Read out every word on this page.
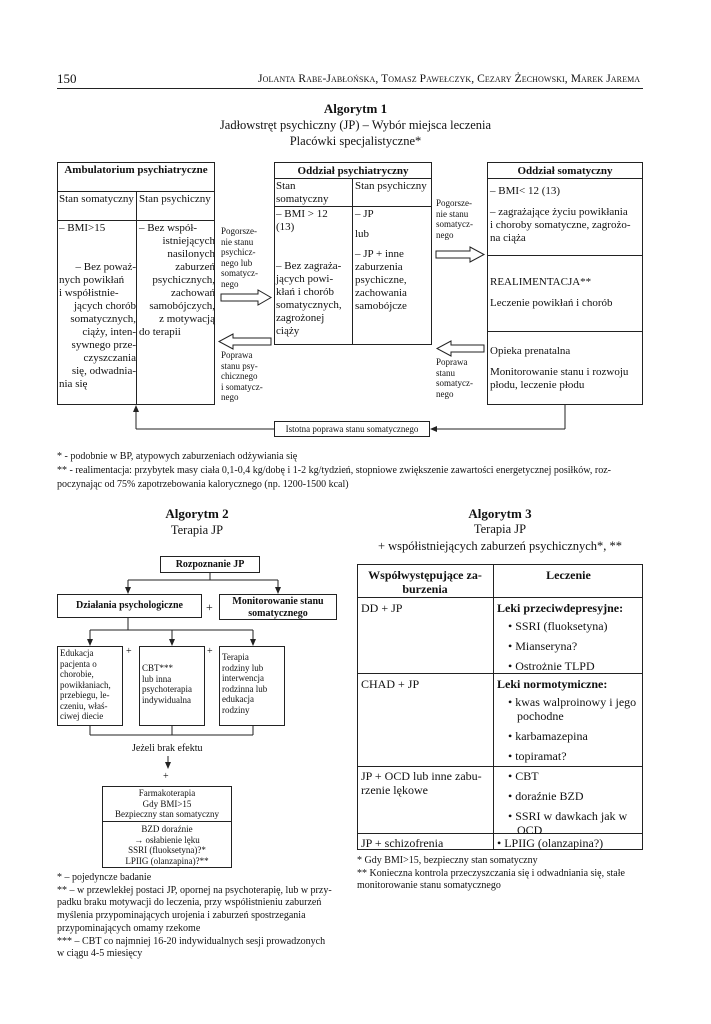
150	Jolanta Rabe-Jabłońska, Tomasz Pawełczyk, Cezary Żechowski, Marek Jarema
Algorytm 1
Jadłowstręt psychiczny (JP) – Wybór miejsca leczenia
Placówki specjalistyczne*
Ambulatorium psychiatryczne
Stan somatyczny Stan psychiczny
– BMI>15
– Bez poważ-
nych powikłań
i współistnie-
jących chorób
somatycznych,
ciąży, inten-
sywnego prze-
czyszczania
się, odwadnia-
nia się
– Bez współ-
istniejących
nasilonych
zaburzeń
psychicznych,
zachowań
samobójczych,
z motywacją
do terapii
Pogorsze-
nie stanu
psychicz-
nego lub
somatycz-
nego
Poprawa
stanu psy-
chicznego
i somatycz-
nego
Oddział psychiatryczny
Stan somatyczny
Stan psychiczny
– BMI > 12
(13)
– Bez zagraża-
jących powi-
kłań i chorób
somatycznych,
zagrożonej
ciąży
– JP
lub
– JP + inne
zaburzenia
psychiczne,
zachowania
samobójcze
Pogorsze-
nie stanu
somatycz-
nego
Poprawa
stanu
somatycz-
nego
Oddział somatyczny
– BMI< 12 (13)
– zagrażające życiu powikłania
i choroby somatyczne, zagrożo-
na ciąża
REALIMENTACJA**
Leczenie powikłań i chorób
Opieka prenatalna
Monitorowanie stanu i rozwoju
płodu, leczenie płodu
Istotna poprawa stanu somatycznego
* - podobnie w BP, atypowych zaburzeniach odżywiania się
** - realimentacja: przybytek masy ciała 0,1-0,4 kg/dobę i 1-2 kg/tydzień, stopniowe zwiększenie zawartości energetycznej posiłków, roz-
poczynając od 75% zapotrzebowania kalorycznego (np. 1200-1500 kcal)
Algorytm 2
Terapia JP
Rozpoznanie JP
Działania psychologiczne	+	Monitorowanie stanu
somatycznego
Edukacja
pacjenta o
chorobie,
powikłaniach,
przebiegu, le-
czeniu, właś-
ciwej diecie
+
CBT***
lub inna
psychoterapia
indywidualna
+ Terapia
rodziny lub
interwencja
rodzinna lub
edukacja
rodziny
Jeżeli brak efektu
+
Farmakoterapia
Gdy BMI>15
Bezpieczny stan somatyczny
BZD doraźnie
→ osłabienie lęku
SSRI (fluoksetyna)?*
LPIIG (olanzapina)?**
* – pojedyncze badanie
** – w przewlekłej postaci JP, opornej na psychoterapię, lub w przy-
padku braku motywacji do leczenia, przy współistnieniu zaburzeń
myślenia przypominających urojenia i zaburzeń spostrzegania
przypominających omamy rzekome
*** – CBT co najmniej 16-20 indywidualnych sesji prowadzonych
w ciągu 4-5 miesięcy
Algorytm 3
Terapia JP
+ współistniejących zaburzeń psychicznych*, **
Współwystępujące za-
burzenia
Leczenie
DD + JP	Leki przeciwdepresyjne:
• SSRI (fluoksetyna)
• Mianseryna?
• Ostrożnie TLPD
CHAD + JP	Leki normotymiczne:
• kwas walproinowy i jego
pochodne
• karbamazepina
• topiramat?
JP + OCD lub inne zabu-
rzenie lękowe
• CBT
• doraźnie BZD
• SSRI w dawkach jak w
OCD
JP + schizofrenia
•	LPIIG (olanzapina?)
* Gdy BMI>15, bezpieczny stan somatyczny
** Konieczna kontrola przeczyszczania się i odwadniania się, stałe
monitorowanie stanu somatycznego
